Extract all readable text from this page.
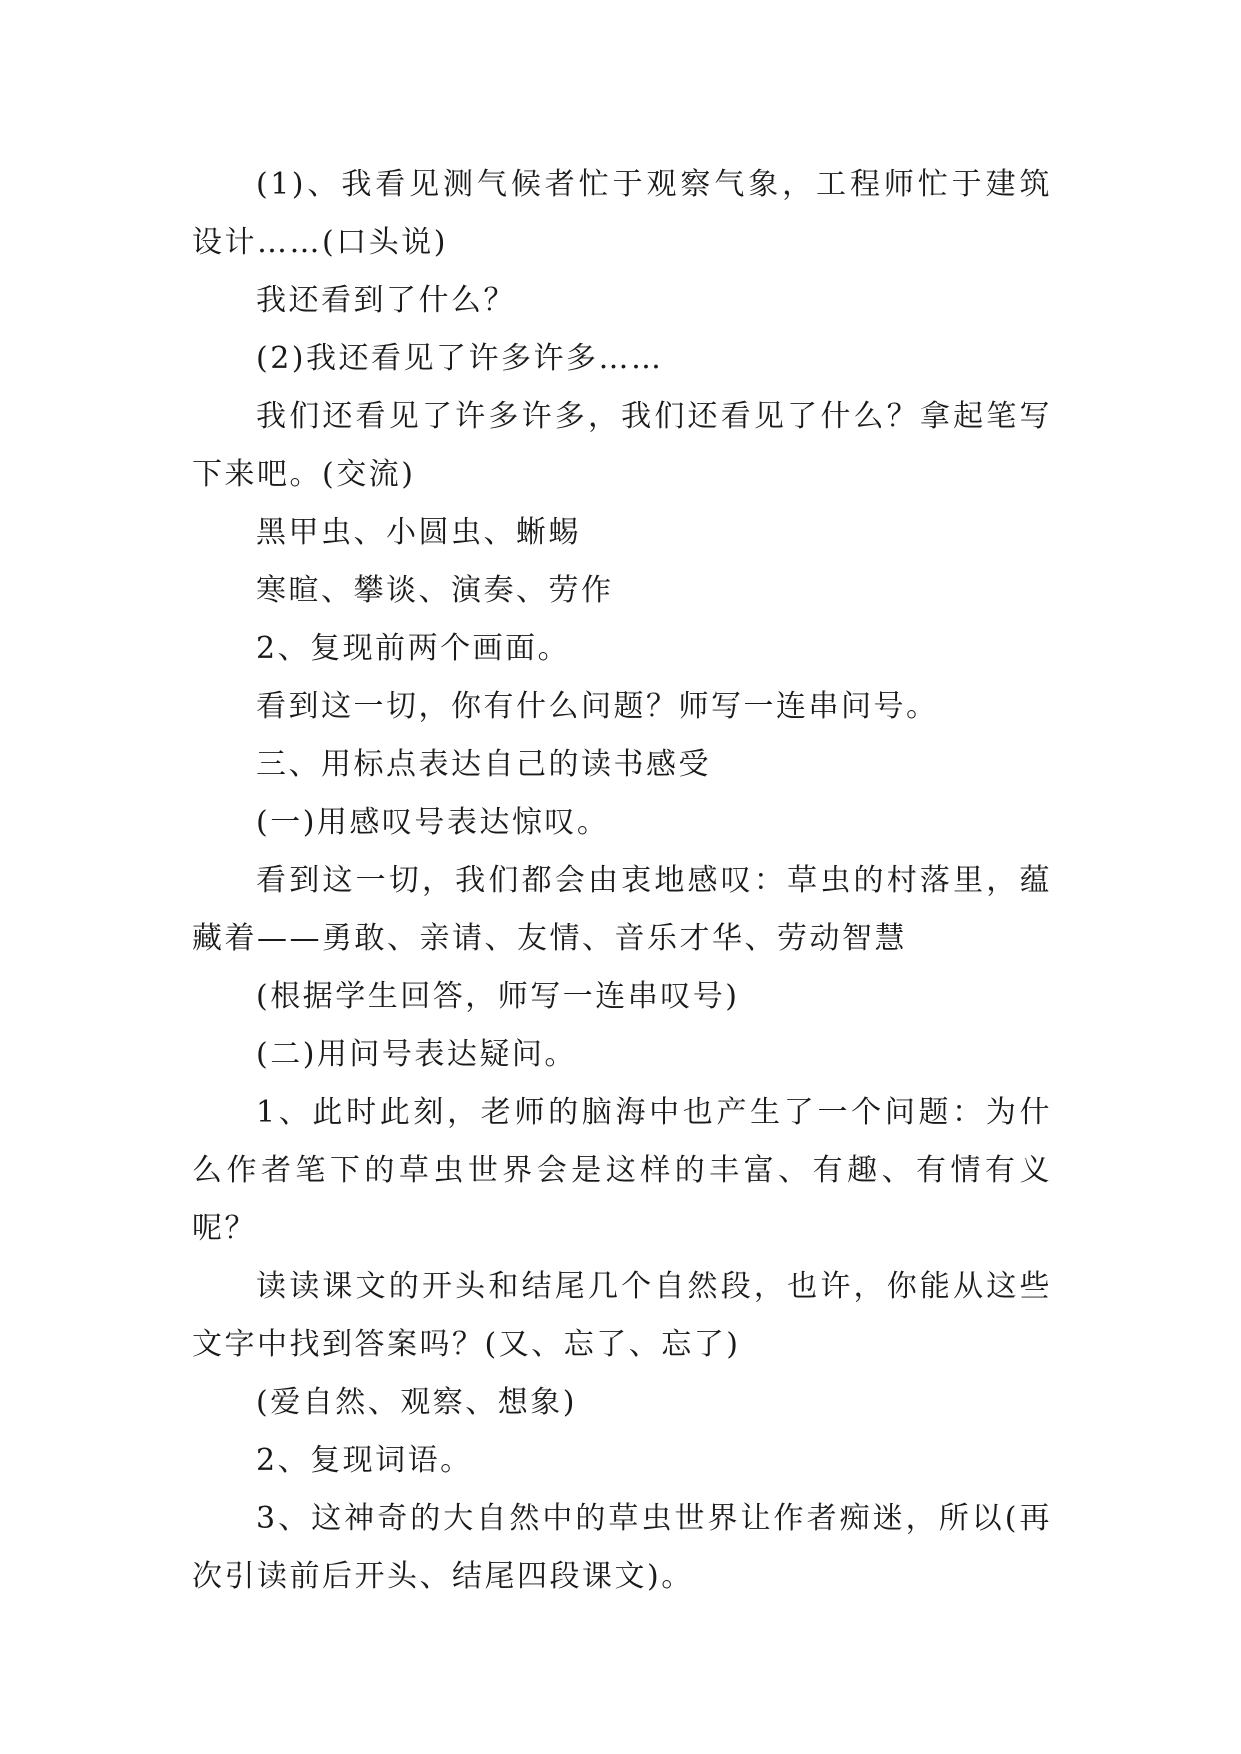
(1)、我看见测气候者忙于观察气象，工程师忙于建筑设计……(口头说)

我还看到了什么？

(2)我还看见了许多许多……

我们还看见了许多许多，我们还看见了什么？拿起笔写下来吧。(交流)

黑甲虫、小圆虫、蜥蜴

寒暄、攀谈、演奏、劳作

2、复现前两个画面。

看到这一切，你有什么问题？师写一连串问号。

三、用标点表达自己的读书感受

(一)用感叹号表达惊叹。

看到这一切，我们都会由衷地感叹：草虫的村落里，蕴藏着——勇敢、亲请、友情、音乐才华、劳动智慧

(根据学生回答，师写一连串叹号)

(二)用问号表达疑问。

1、此时此刻，老师的脑海中也产生了一个问题：为什么作者笔下的草虫世界会是这样的丰富、有趣、有情有义呢？

读读课文的开头和结尾几个自然段，也许，你能从这些文字中找到答案吗？(又、忘了、忘了)

(爱自然、观察、想象)

2、复现词语。

3、这神奇的大自然中的草虫世界让作者痴迷，所以(再次引读前后开头、结尾四段课文)。
